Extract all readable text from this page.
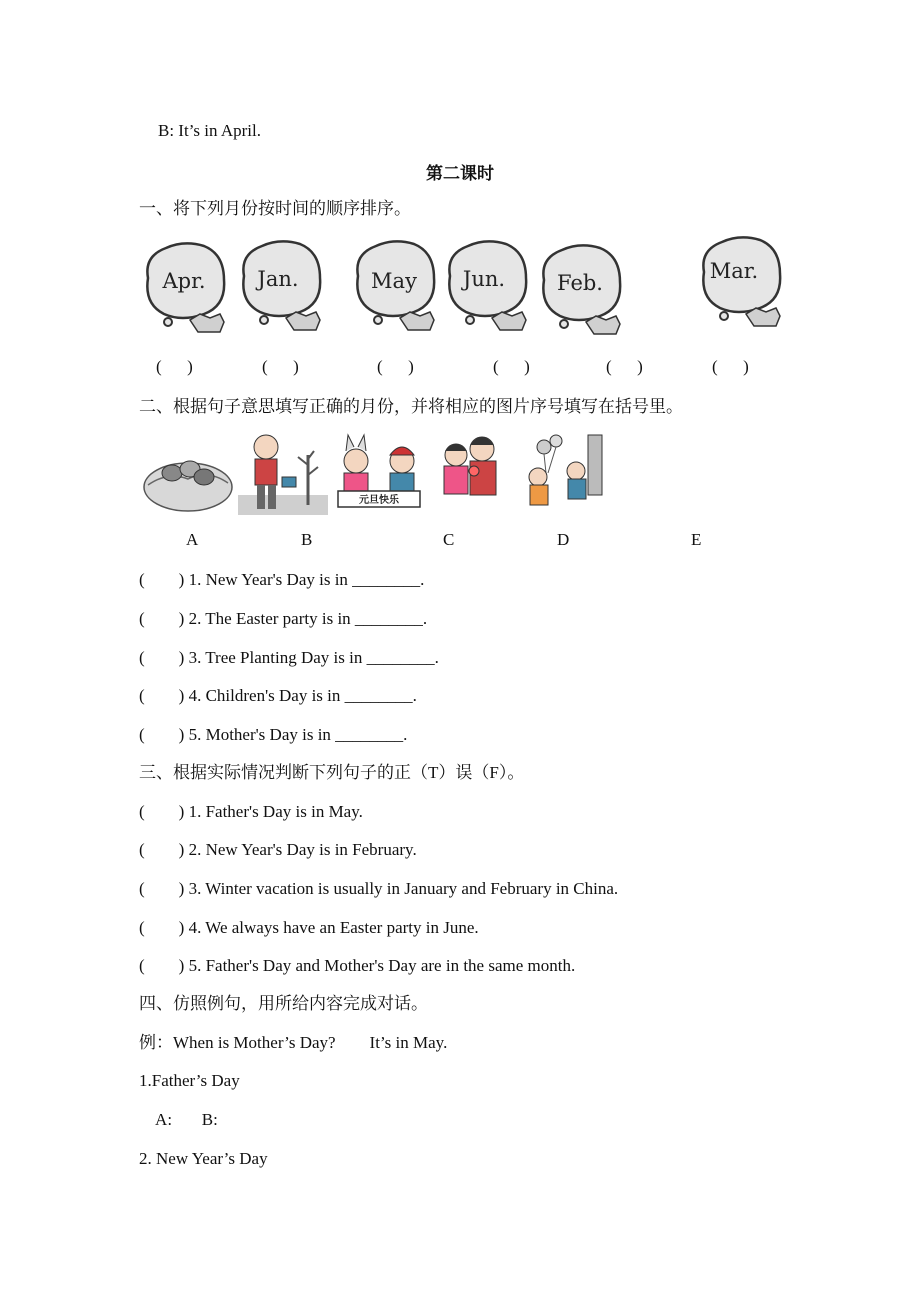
B: It’s in April.
第二课时
一、将下列月份按时间的顺序排序。
Apr. Jan.	May Jun. Feb.	Mar.
(      )	(      )	(      )	(      )	(      )	(      )
二、根据句子意思填写正确的月份，并将相应的图片序号填写在括号里。
元旦快乐
A	B	C	D	E
(        ) 1. New Year's Day is in ________.
(        ) 2. The Easter party is in ________.
(        ) 3. Tree Planting Day is in ________.
(        ) 4. Children's Day is in ________.
(        ) 5. Mother's Day is in ________.
三、根据实际情况判断下列句子的正（T）误（F）。
(        ) 1. Father's Day is in May.
(        ) 2. New Year's Day is in February.
(        ) 3. Winter vacation is usually in January and February in China.
(        ) 4. We always have an Easter party in June.
(        ) 5. Father's Day and Mother's Day are in the same month.
四、仿照例句，用所给内容完成对话。
例：When is Mother’s Day?        It’s in May.
1.Father’s Day
A:       B:
2. New Year’s Day
